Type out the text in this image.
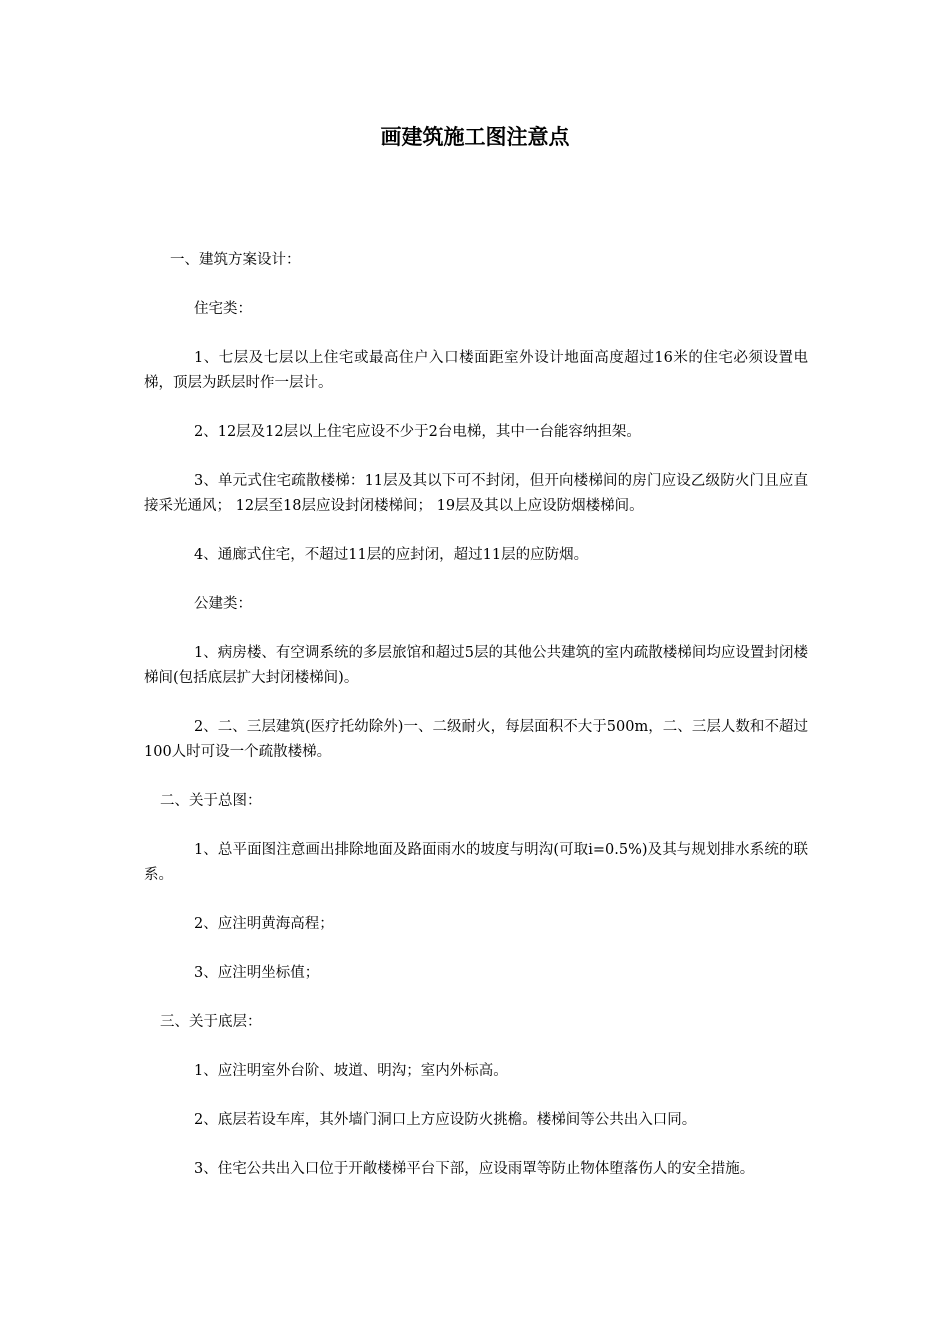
画建筑施工图注意点

一、建筑方案设计：

住宅类：

1、七层及七层以上住宅或最高住户入口楼面距室外设计地面高度超过16米的住宅必须设置电梯，顶层为跃层时作一层计。

2、12层及12层以上住宅应设不少于2台电梯，其中一台能容纳担架。

3、单元式住宅疏散楼梯：11层及其以下可不封闭，但开向楼梯间的房门应设乙级防火门且应直接采光通风； 12层至18层应设封闭楼梯间； 19层及其以上应设防烟楼梯间。

4、通廊式住宅，不超过11层的应封闭，超过11层的应防烟。

公建类：

1、病房楼、有空调系统的多层旅馆和超过5层的其他公共建筑的室内疏散楼梯间均应设置封闭楼梯间(包括底层扩大封闭楼梯间)。

2、二、三层建筑(医疗托幼除外)一、二级耐火，每层面积不大于500m，二、三层人数和不超过100人时可设一个疏散楼梯。

二、关于总图：

1、总平面图注意画出排除地面及路面雨水的坡度与明沟(可取i=0.5%)及其与规划排水系统的联系。

2、应注明黄海高程；

3、应注明坐标值；

三、关于底层：

1、应注明室外台阶、坡道、明沟；室内外标高。

2、底层若设车库，其外墙门洞口上方应设防火挑檐。楼梯间等公共出入口同。

3、住宅公共出入口位于开敞楼梯平台下部，应设雨罩等防止物体堕落伤人的安全措施。
